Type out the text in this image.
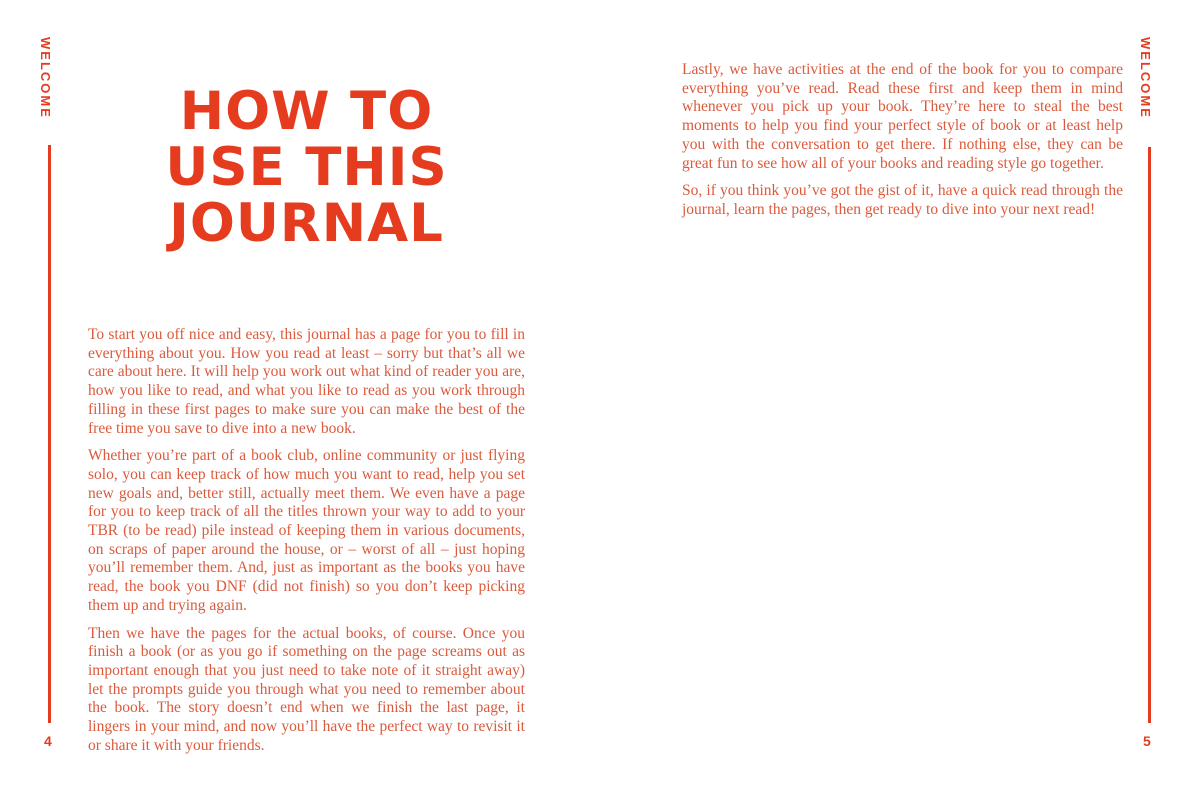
WELCOME
4
WELCOME
5
HOW TO
USE THIS
JOURNAL

To start you off nice and easy, this journal has a page for you to fill in everything about you. How you read at least – sorry but that’s all we care about here. It will help you work out what kind of reader you are, how you like to read, and what you like to read as you work through filling in these first pages to make sure you can make the best of the free time you save to dive into a new book.

Whether you’re part of a book club, online community or just flying solo, you can keep track of how much you want to read, help you set new goals and, better still, actually meet them. We even have a page for you to keep track of all the titles thrown your way to add to your TBR (to be read) pile instead of keeping them in various documents, on scraps of paper around the house, or – worst of all – just hoping you’ll remember them. And, just as important as the books you have read, the book you DNF (did not finish) so you don’t keep picking them up and trying again.

Then we have the pages for the actual books, of course. Once you finish a book (or as you go if something on the page screams out as important enough that you just need to take note of it straight away) let the prompts guide you through what you need to remember about the book. The story doesn’t end when we finish the last page, it lingers in your mind, and now you’ll have the perfect way to revisit it or share it with your friends.

Lastly, we have activities at the end of the book for you to compare everything you’ve read. Read these first and keep them in mind whenever you pick up your book. They’re here to steal the best moments to help you find your perfect style of book or at least help you with the conversation to get there. If nothing else, they can be great fun to see how all of your books and reading style go together.

So, if you think you’ve got the gist of it, have a quick read through the journal, learn the pages, then get ready to dive into your next read!
